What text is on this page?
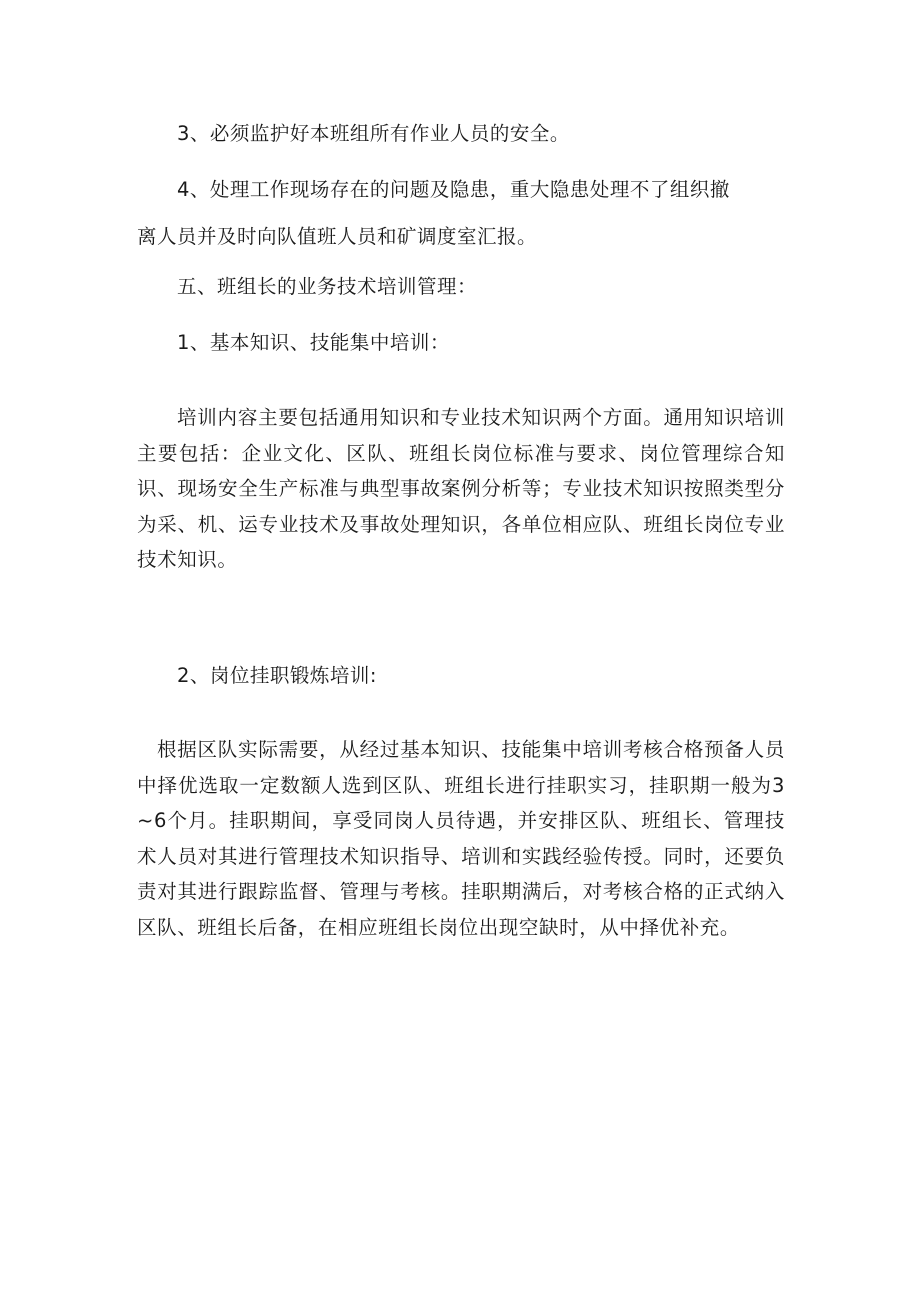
3、必须监护好本班组所有作业人员的安全。

4、处理工作现场存在的问题及隐患，重大隐患处理不了组织撤

离人员并及时向队值班人员和矿调度室汇报。

五、班组长的业务技术培训管理：

1、基本知识、技能集中培训：

培训内容主要包括通用知识和专业技术知识两个方面。通用知识培训主要包括：企业文化、区队、班组长岗位标准与要求、岗位管理综合知识、现场安全生产标准与典型事故案例分析等；专业技术知识按照类型分为采、机、运专业技术及事故处理知识，各单位相应队、班组长岗位专业技术知识。

2、岗位挂职锻炼培训:

根据区队实际需要，从经过基本知识、技能集中培训考核合格预备人员中择优选取一定数额人选到区队、班组长进行挂职实习，挂职期一般为3~6个月。挂职期间，享受同岗人员待遇，并安排区队、班组长、管理技术人员对其进行管理技术知识指导、培训和实践经验传授。同时，还要负责对其进行跟踪监督、管理与考核。挂职期满后，对考核合格的正式纳入区队、班组长后备，在相应班组长岗位出现空缺时，从中择优补充。
